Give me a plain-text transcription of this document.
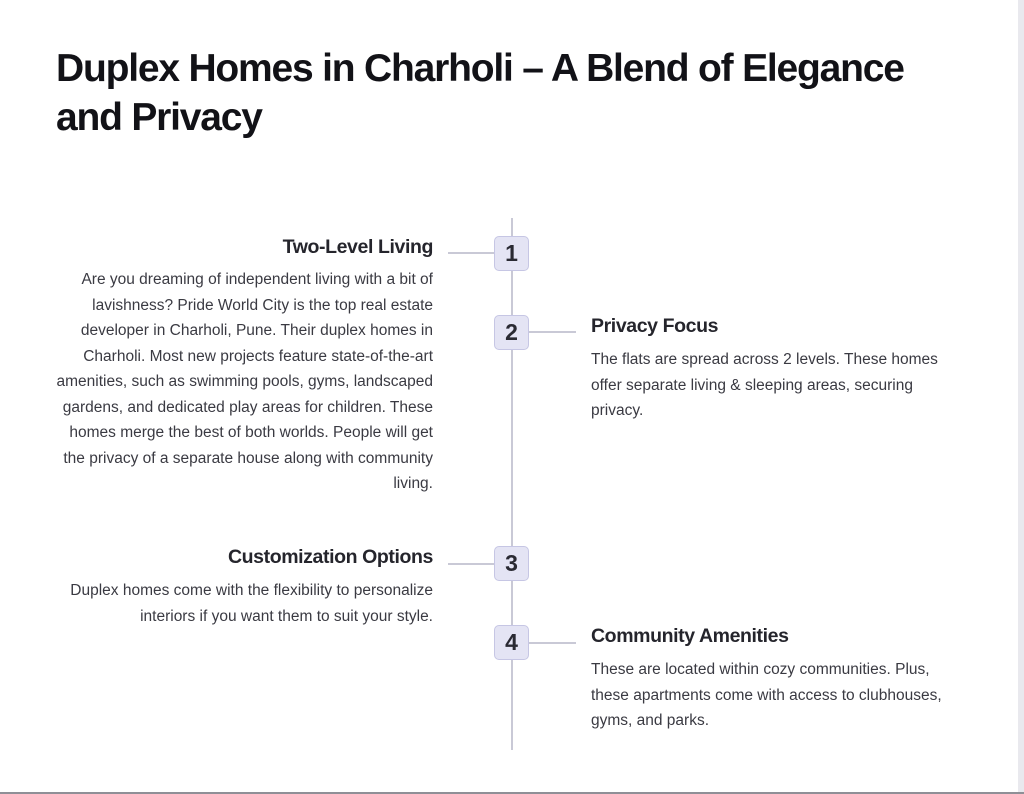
Duplex Homes in Charholi – A Blend of Elegance and Privacy
1
Two-Level Living

Are you dreaming of independent living with a bit of lavishness? Pride World City is the top real estate developer in Charholi, Pune. Their duplex homes in Charholi. Most new projects feature state-of-the-art amenities, such as swimming pools, gyms, landscaped gardens, and dedicated play areas for children. These homes merge the best of both worlds. People will get the privacy of a separate house along with community living.

2	Privacy Focus

The flats are spread across 2 levels. These homes offer separate living & sleeping areas, securing privacy.

3
Customization Options

Duplex homes come with the flexibility to personalize interiors if you want them to suit your style.

4	Community Amenities

These are located within cozy communities. Plus, these apartments come with access to clubhouses, gyms, and parks.
